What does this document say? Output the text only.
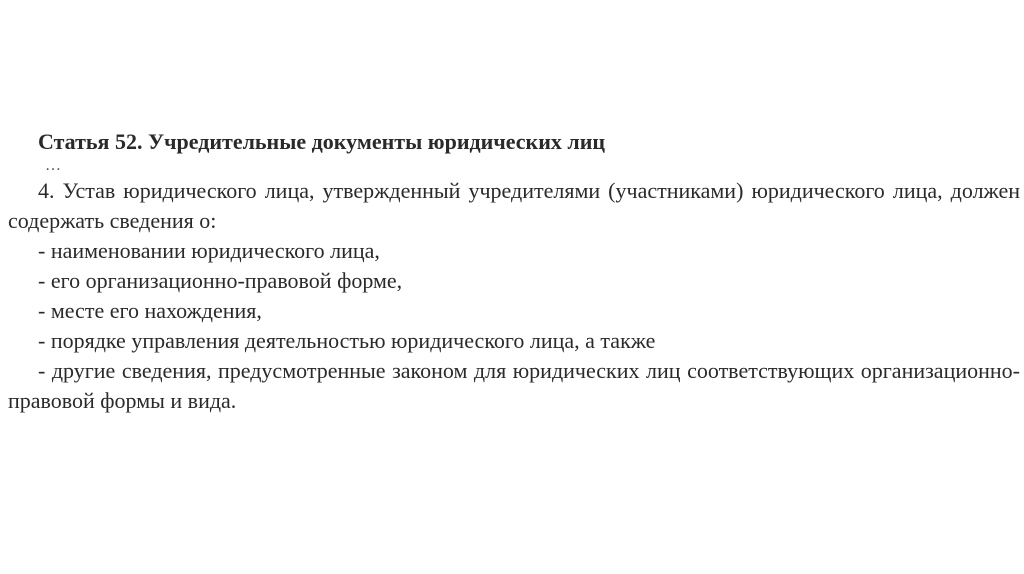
Статья 52. Учредительные документы юридических лиц

…

4. Устав юридического лица, утвержденный учредителями (участниками) юридического лица, должен содержать сведения о:

- наименовании юридического лица,

- его организационно-правовой форме,

- месте его нахождения,

- порядке управления деятельностью юридического лица, а также

- другие сведения, предусмотренные законом для юридических лиц соответствующих организационно-правовой формы и вида.
